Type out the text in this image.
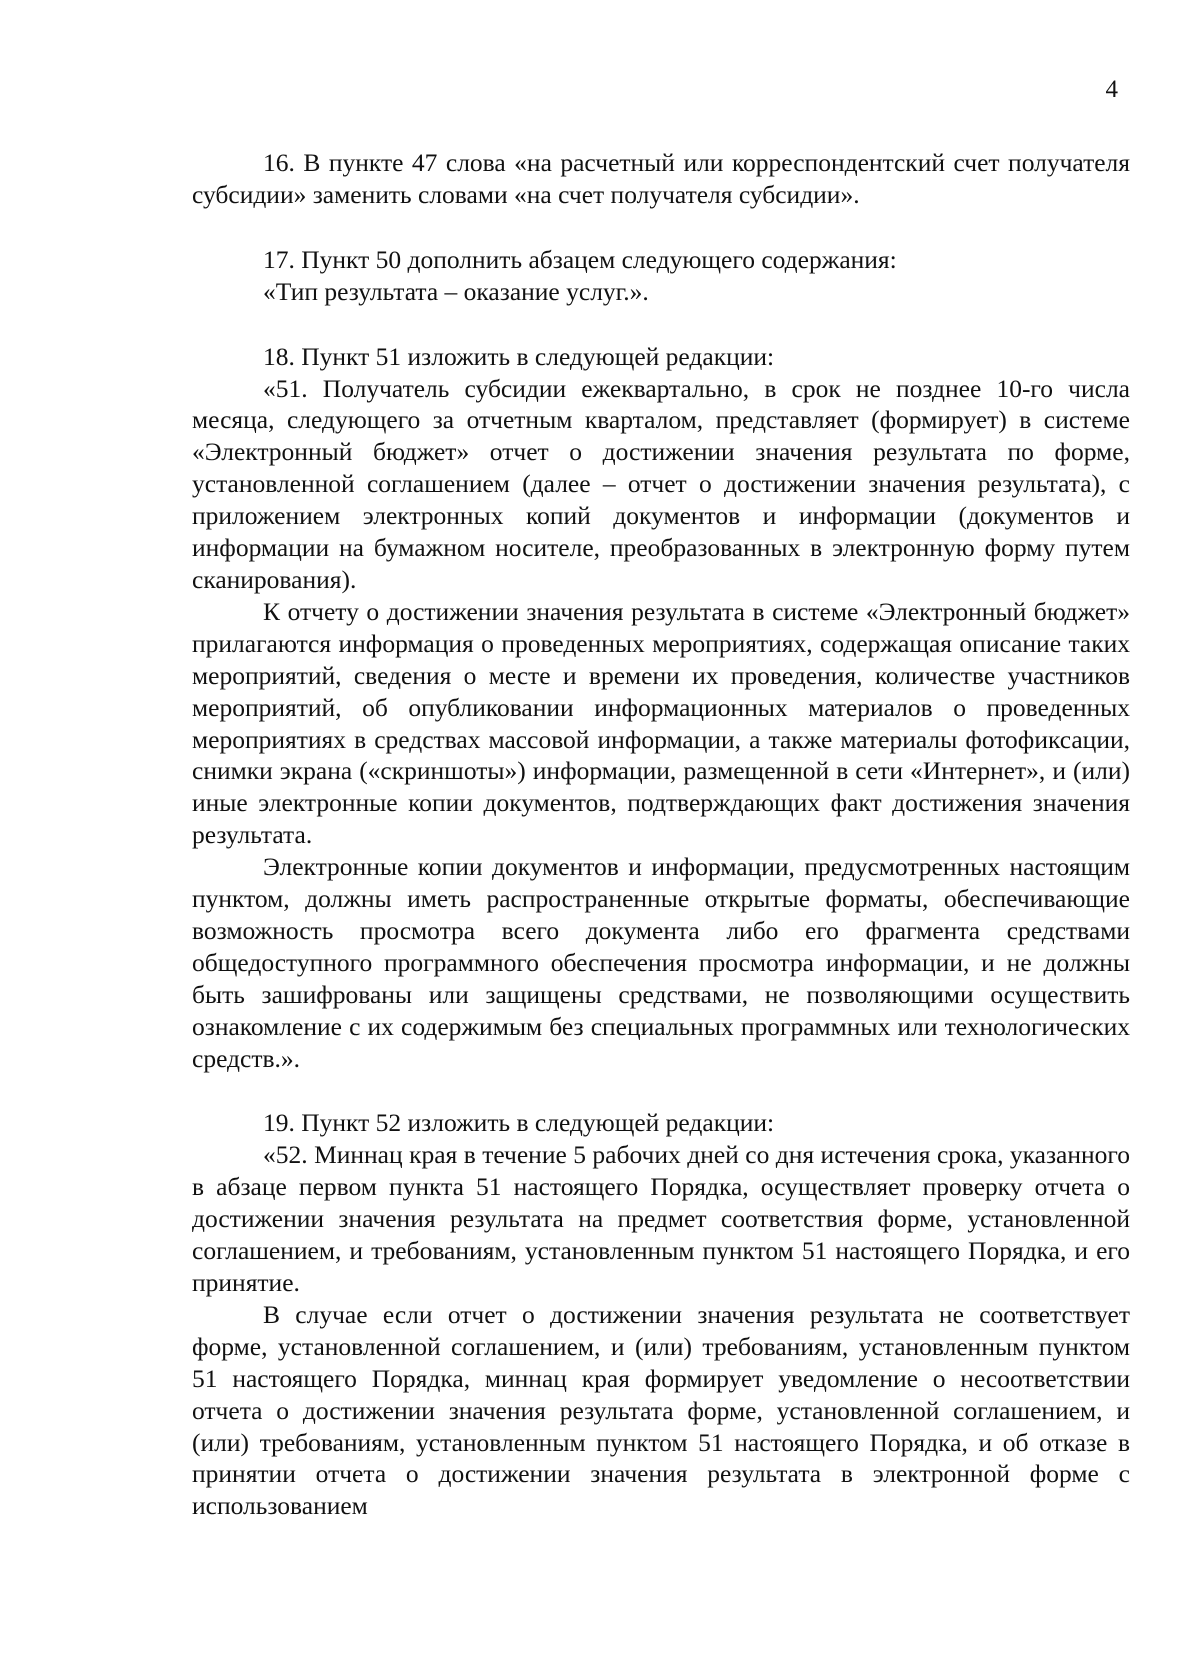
4

16. В пункте 47 слова «на расчетный или корреспондентский счет получателя субсидии» заменить словами «на счет получателя субсидии».

17. Пункт 50 дополнить абзацем следующего содержания:

«Тип результата – оказание услуг.».

18. Пункт 51 изложить в следующей редакции:

«51. Получатель субсидии ежеквартально, в срок не позднее 10-го числа месяца, следующего за отчетным кварталом, представляет (формирует) в системе «Электронный бюджет» отчет о достижении значения результата по форме, установленной соглашением (далее – отчет о достижении значения результата), с приложением электронных копий документов и информации (документов и информации на бумажном носителе, преобразованных в электронную форму путем сканирования).

К отчету о достижении значения результата в системе «Электронный бюджет» прилагаются информация о проведенных мероприятиях, содержащая описание таких мероприятий, сведения о месте и времени их проведения, количестве участников мероприятий, об опубликовании информационных материалов о проведенных мероприятиях в средствах массовой информации, а также материалы фотофиксации, снимки экрана («скриншоты») информации, размещенной в сети «Интернет», и (или) иные электронные копии документов, подтверждающих факт достижения значения результата.

Электронные копии документов и информации, предусмотренных настоящим пунктом, должны иметь распространенные открытые форматы, обеспечивающие возможность просмотра всего документа либо его фрагмента средствами общедоступного программного обеспечения просмотра информации, и не должны быть зашифрованы или защищены средствами, не позволяющими осуществить ознакомление с их содержимым без специальных программных или технологических средств.».

19. Пункт 52 изложить в следующей редакции:

«52. Миннац края в течение 5 рабочих дней со дня истечения срока, указанного в абзаце первом пункта 51 настоящего Порядка, осуществляет проверку отчета о достижении значения результата на предмет соответствия форме, установленной соглашением, и требованиям, установленным пунктом 51 настоящего Порядка, и его принятие.

В случае если отчет о достижении значения результата не соответствует форме, установленной соглашением, и (или) требованиям, установленным пунктом 51 настоящего Порядка, миннац края формирует уведомление о несоответствии отчета о достижении значения результата форме, установленной соглашением, и (или) требованиям, установленным пунктом 51 настоящего Порядка, и об отказе в принятии отчета о достижении значения результата в электронной форме с использованием
